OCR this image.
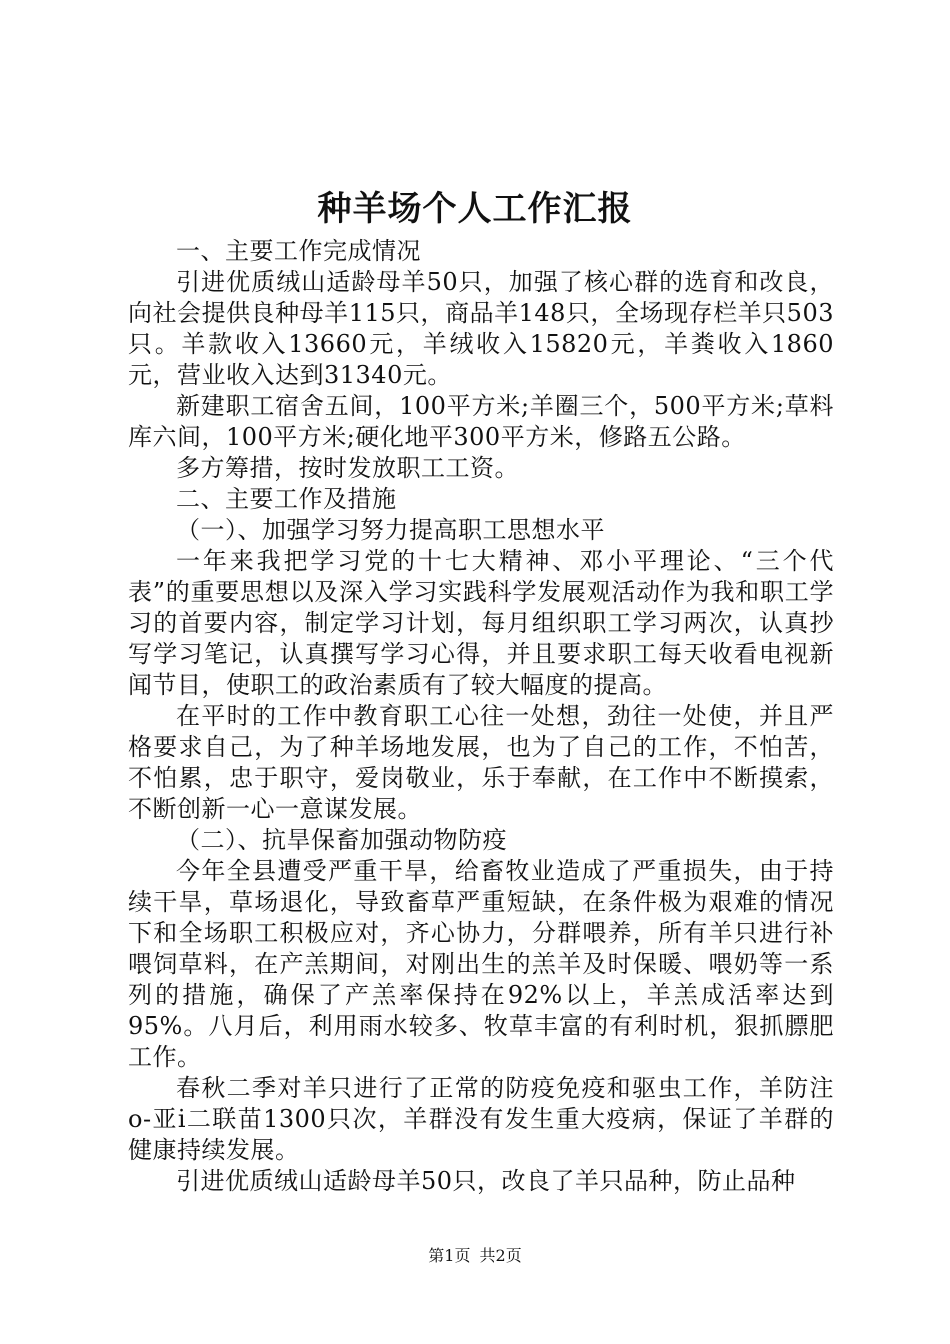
种羊场个人工作汇报

一、主要工作完成情况

引进优质绒山适龄母羊50只，加强了核心群的选育和改良，向社会提供良种母羊115只，商品羊148只，全场现存栏羊只503只。羊款收入13660元，羊绒收入15820元，羊粪收入1860元，营业收入达到31340元。

新建职工宿舍五间，100平方米;羊圈三个，500平方米;草料库六间，100平方米;硬化地平300平方米，修路五公路。

多方筹措，按时发放职工工资。

二、主要工作及措施

（一）、加强学习努力提高职工思想水平

一年来我把学习党的十七大精神、邓小平理论、“三个代表”的重要思想以及深入学习实践科学发展观活动作为我和职工学习的首要内容，制定学习计划，每月组织职工学习两次，认真抄写学习笔记，认真撰写学习心得，并且要求职工每天收看电视新闻节目，使职工的政治素质有了较大幅度的提高。

在平时的工作中教育职工心往一处想，劲往一处使，并且严格要求自己，为了种羊场地发展，也为了自己的工作，不怕苦，不怕累，忠于职守，爱岗敬业，乐于奉献，在工作中不断摸索，不断创新一心一意谋发展。

（二）、抗旱保畜加强动物防疫

今年全县遭受严重干旱，给畜牧业造成了严重损失，由于持续干旱，草场退化，导致畜草严重短缺，在条件极为艰难的情况下和全场职工积极应对，齐心协力，分群喂养，所有羊只进行补喂饲草料，在产羔期间，对刚出生的羔羊及时保暖、喂奶等一系列的措施，确保了产羔率保持在92%以上，羊羔成活率达到95%。八月后，利用雨水较多、牧草丰富的有利时机，狠抓膘肥工作。

春秋二季对羊只进行了正常的防疫免疫和驱虫工作，羊防注o-亚ⅰ二联苗1300只次，羊群没有发生重大疫病，保证了羊群的健康持续发展。

引进优质绒山适龄母羊50只，改良了羊只品种，防止品种

第1页 共2页
